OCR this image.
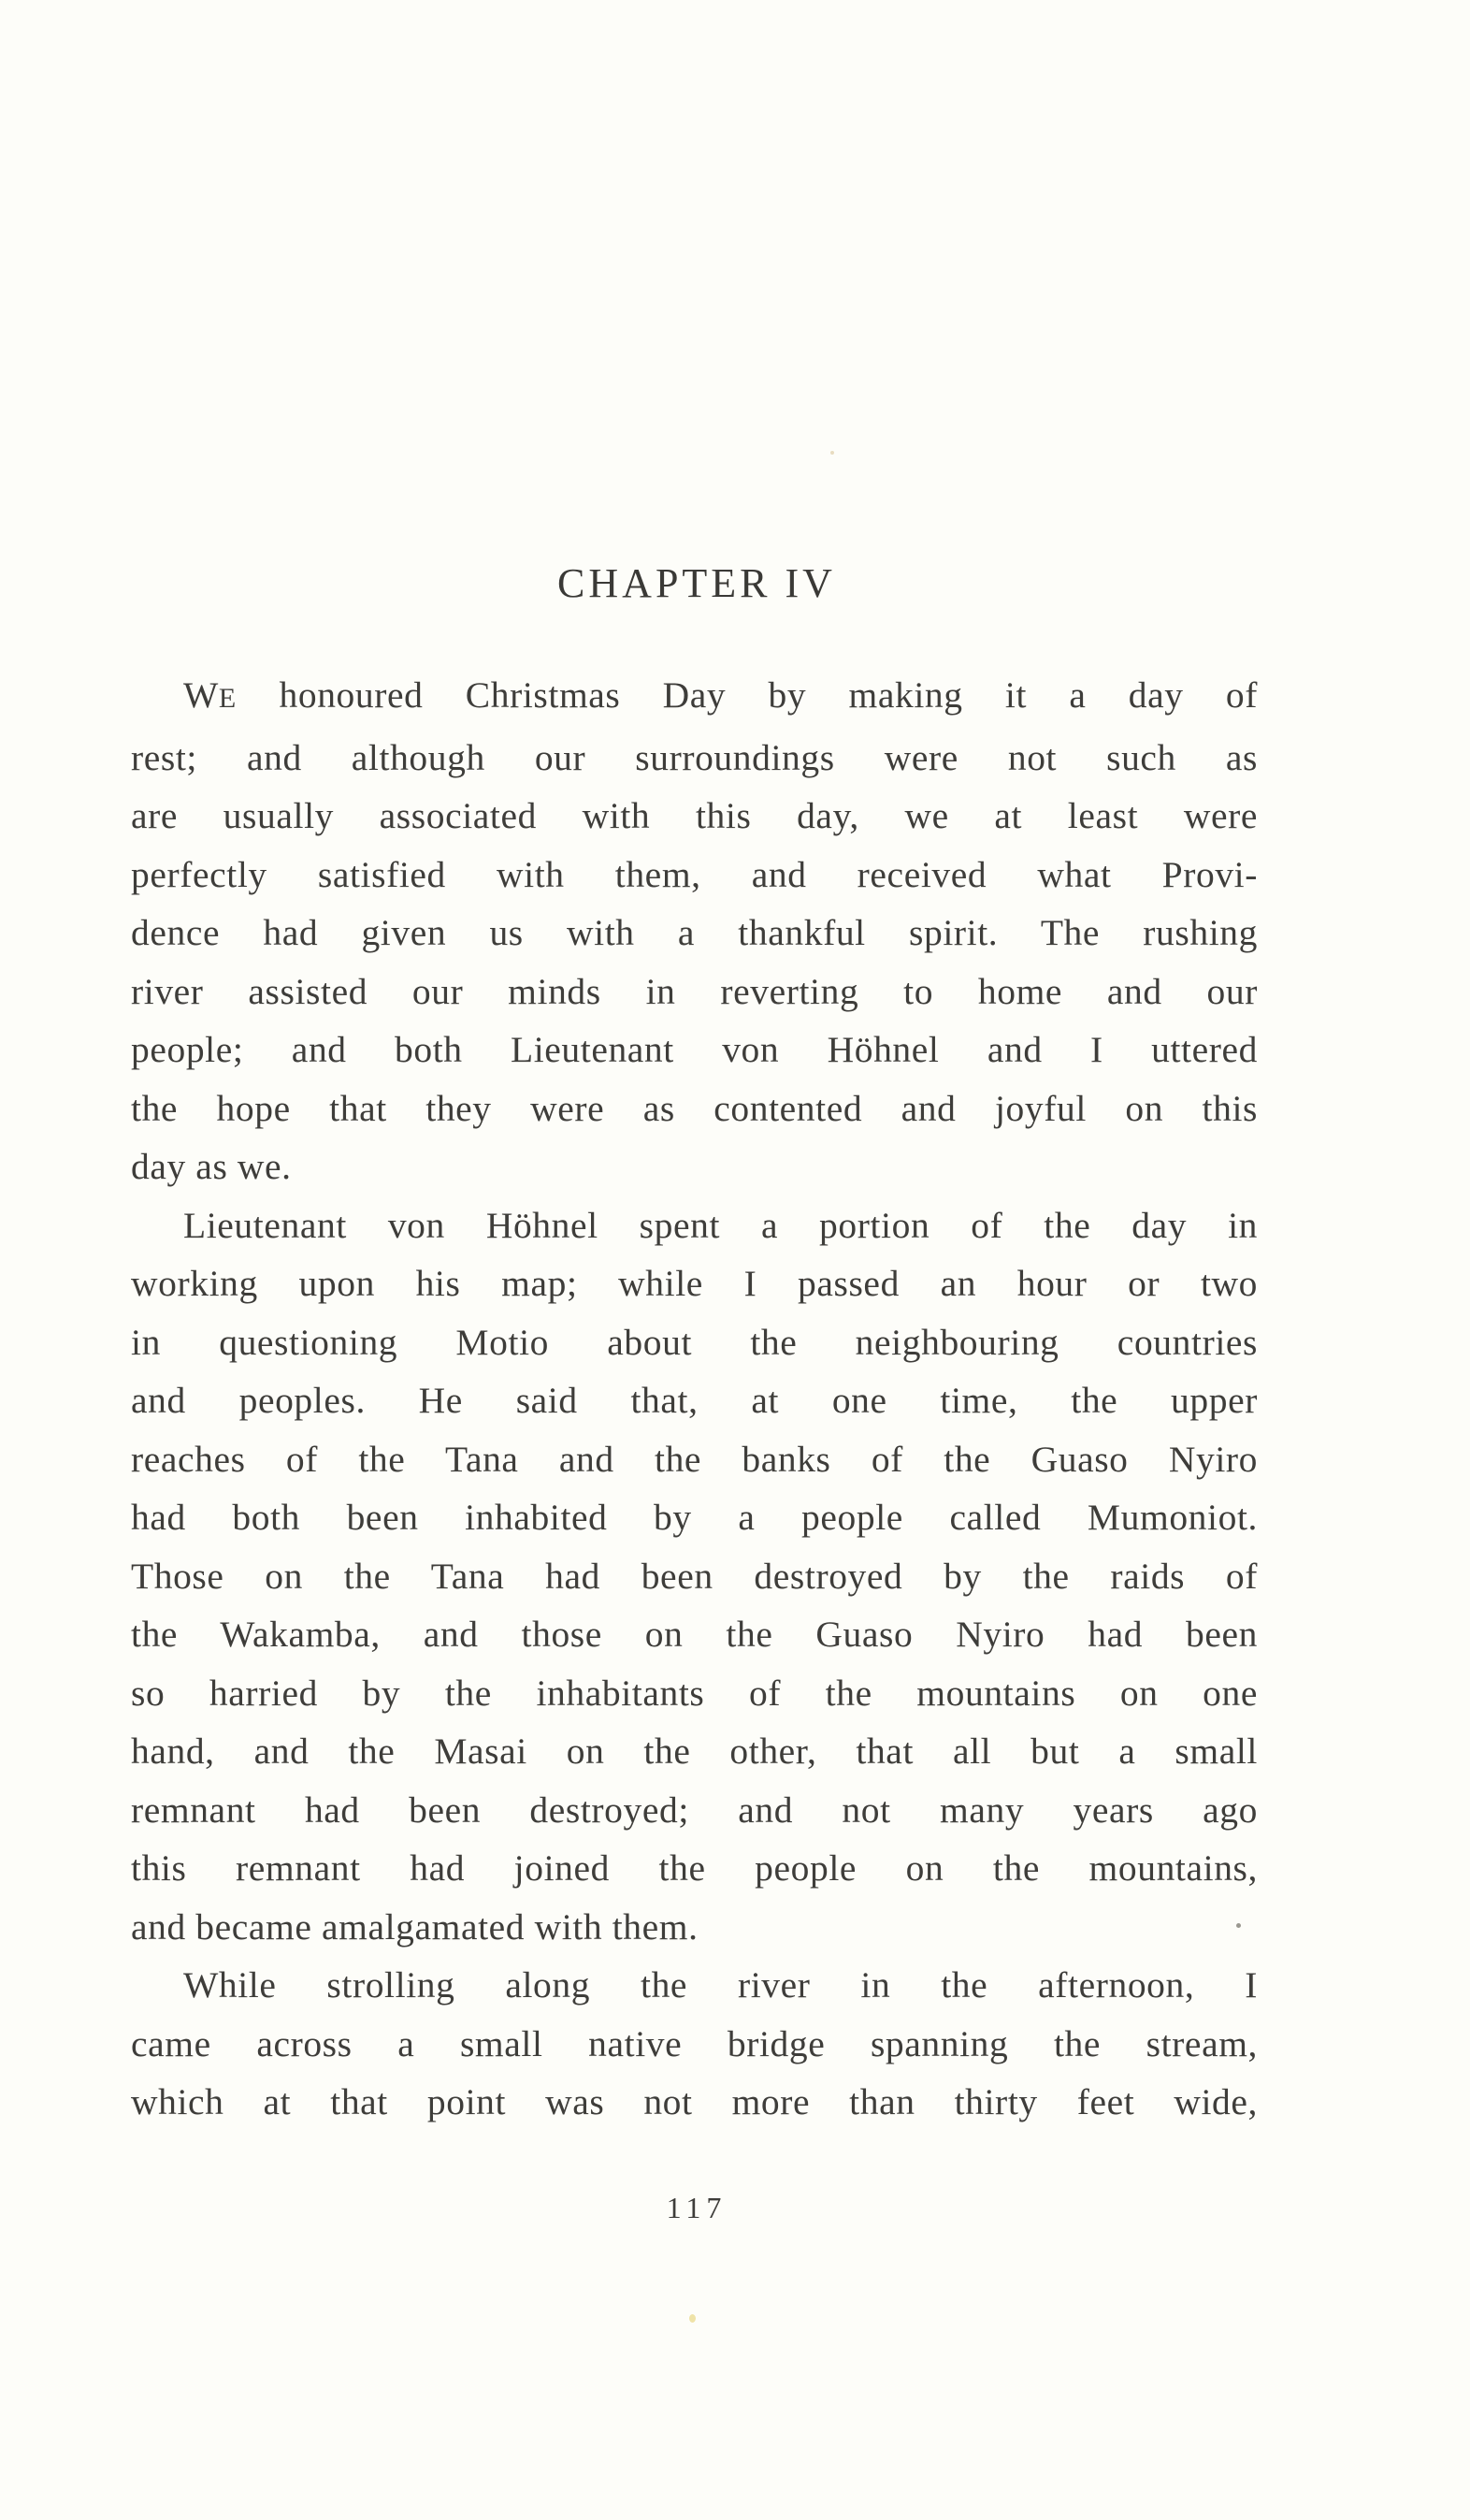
CHAPTER IV
WE honoured Christmas Day by making it a day of
rest; and although our surroundings were not such as
are usually associated with this day, we at least were
perfectly satisfied with them, and received what Provi-
dence had given us with a thankful spirit. The rushing
river assisted our minds in reverting to home and our
people; and both Lieutenant von Höhnel and I uttered
the hope that they were as contented and joyful on this
day as we.
Lieutenant von Höhnel spent a portion of the day in
working upon his map; while I passed an hour or two
in questioning Motio about the neighbouring countries
and peoples. He said that, at one time, the upper
reaches of the Tana and the banks of the Guaso Nyiro
had both been inhabited by a people called Mumoniot.
Those on the Tana had been destroyed by the raids of
the Wakamba, and those on the Guaso Nyiro had been
so harried by the inhabitants of the mountains on one
hand, and the Masai on the other, that all but a small
remnant had been destroyed; and not many years ago
this remnant had joined the people on the mountains,
and became amalgamated with them.
While strolling along the river in the afternoon, I
came across a small native bridge spanning the stream,
which at that point was not more than thirty feet wide,
117
